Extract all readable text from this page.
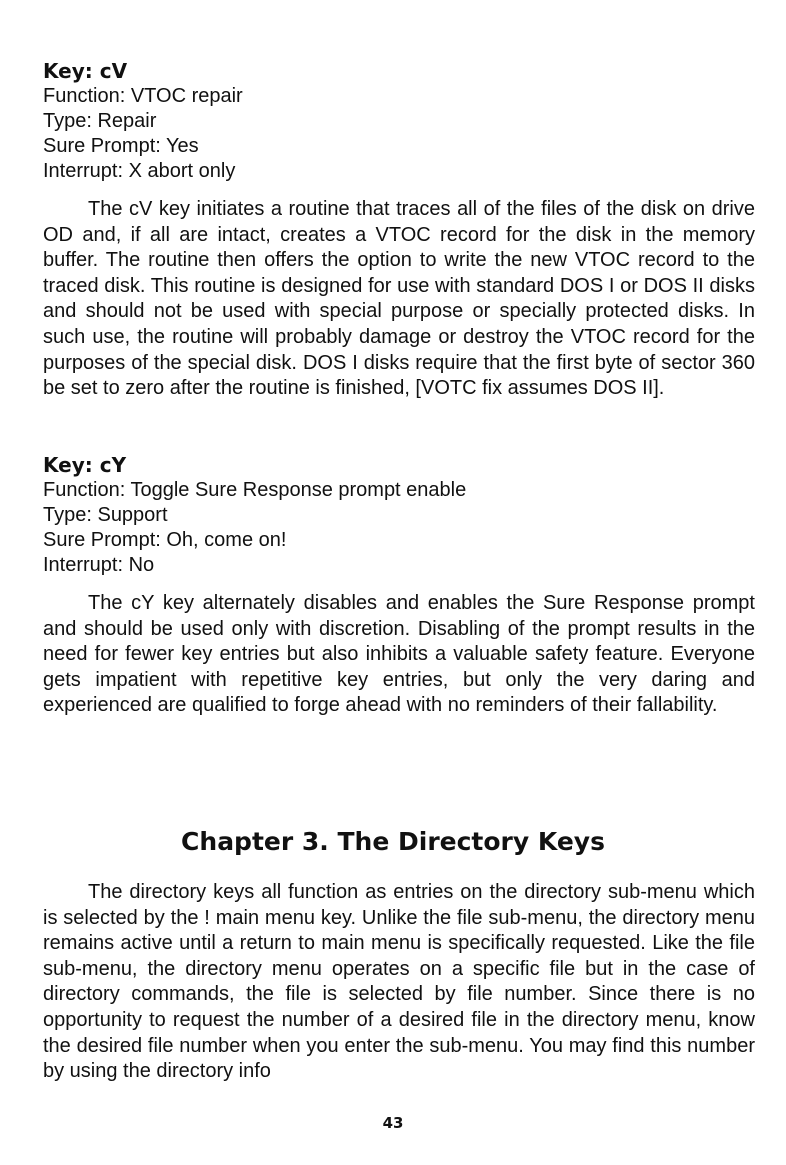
Key: cV

Function: VTOC repair

Type: Repair

Sure Prompt: Yes

Interrupt: X abort only

The cV key initiates a routine that traces all of the files of the disk on drive OD and, if all are intact, creates a VTOC record for the disk in the memory buffer. The routine then offers the option to write the new VTOC record to the traced disk. This routine is designed for use with standard DOS I or DOS II disks and should not be used with special purpose or specially protected disks. In such use, the routine will probably damage or destroy the VTOC record for the purposes of the special disk. DOS I disks require that the first byte of sector 360 be set to zero after the routine is finished, [VOTC fix assumes DOS II].

Key: cY

Function: Toggle Sure Response prompt enable

Type: Support

Sure Prompt: Oh, come on!

Interrupt: No

The cY key alternately disables and enables the Sure Response prompt and should be used only with discretion. Disabling of the prompt results in the need for fewer key entries but also inhibits a valuable safety feature. Everyone gets impatient with repetitive key entries, but only the very daring and experienced are qualified to forge ahead with no reminders of their fallability.

Chapter 3. The Directory Keys

The directory keys all function as entries on the directory sub-menu which is selected by the ! main menu key. Unlike the file sub-menu, the directory menu remains active until a return to main menu is specifically requested. Like the file sub-menu, the directory menu operates on a specific file but in the case of directory commands, the file is selected by file number. Since there is no opportunity to request the number of a desired file in the directory menu, know the desired file number when you enter the sub-menu. You may find this number by using the directory info

43
